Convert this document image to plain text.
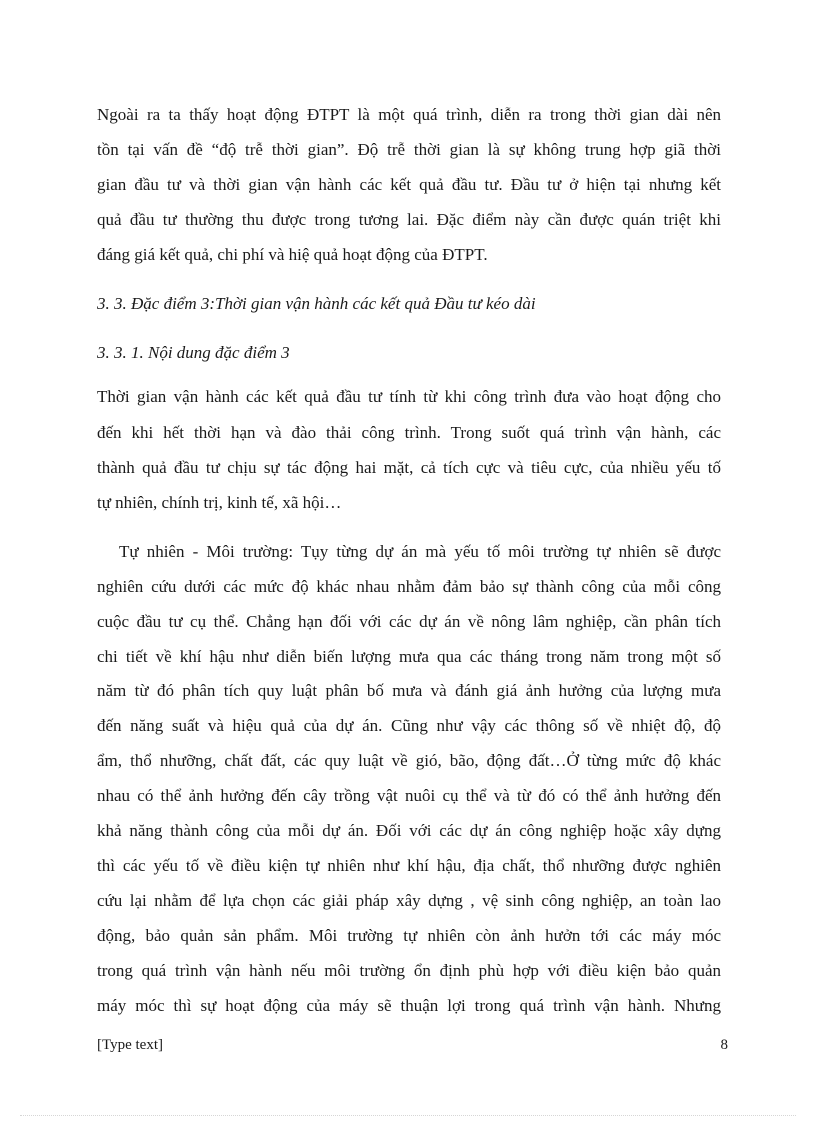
Ngoài ra ta thấy hoạt động ĐTPT là một quá trình, diễn ra trong thời gian dài nên
tồn tại vấn đề “độ trễ thời gian”. Độ trễ thời gian là sự không trung hợp giã thời
gian đầu tư và thời gian vận hành các kết quả đầu tư. Đầu tư ở hiện tại nhưng kết
quả đầu tư thường thu được trong tương lai. Đặc điểm này cần được quán triệt khi
đáng giá kết quả, chi phí và hiệ quả hoạt động của ĐTPT.
3. 3. Đặc điểm 3:Thời gian vận hành các kết quả Đầu tư kéo dài
3. 3. 1. Nội dung đặc điểm 3
Thời gian vận hành các kết quả đầu tư tính từ khi công trình đưa vào hoạt động cho
đến khi hết thời hạn và đào thải công trình. Trong suốt quá trình vận hành, các
thành quả đầu tư chịu sự tác động hai mặt, cả tích cực và tiêu cực, của nhiều yếu tố
tự nhiên, chính trị, kinh tế, xã hội…
Tự nhiên - Môi trường: Tụy từng dự án mà yếu tố môi trường tự nhiên sẽ được
nghiên cứu dưới các mức độ khác nhau nhằm đảm bảo sự thành công của mỗi công
cuộc đầu tư cụ thể. Chẳng hạn đối với các dự án về nông lâm nghiệp, cần phân tích
chi tiết về khí hậu như diễn biến lượng mưa qua các tháng trong năm trong một số
năm từ đó phân tích quy luật phân bố mưa và đánh giá ảnh hưởng của lượng mưa
đến năng suất và hiệu quả của dự án. Cũng như vậy các thông số về nhiệt độ, độ
ẩm, thổ nhưỡng, chất đất, các quy luật về gió, bão, động đất…Ở từng mức độ khác
nhau có thể ảnh hưởng đến cây trồng vật nuôi cụ thể và từ đó có thể ảnh hưởng đến
khả năng thành công của mỗi dự án. Đối với các dự án công nghiệp hoặc xây dựng
thì các yếu tố về điều kiện tự nhiên như khí hậu, địa chất, thổ nhưỡng được nghiên
cứu lại nhằm để lựa chọn các giải pháp xây dựng , vệ sinh công nghiệp, an toàn lao
động, bảo quản sản phẩm. Môi trường tự nhiên còn ảnh hưởn tới các máy móc
trong quá trình vận hành nếu môi trường ổn định phù hợp với điều kiện bảo quản
máy móc thì sự hoạt động của máy sẽ thuận lợi trong quá trình vận hành. Nhưng
[Type text]	8
